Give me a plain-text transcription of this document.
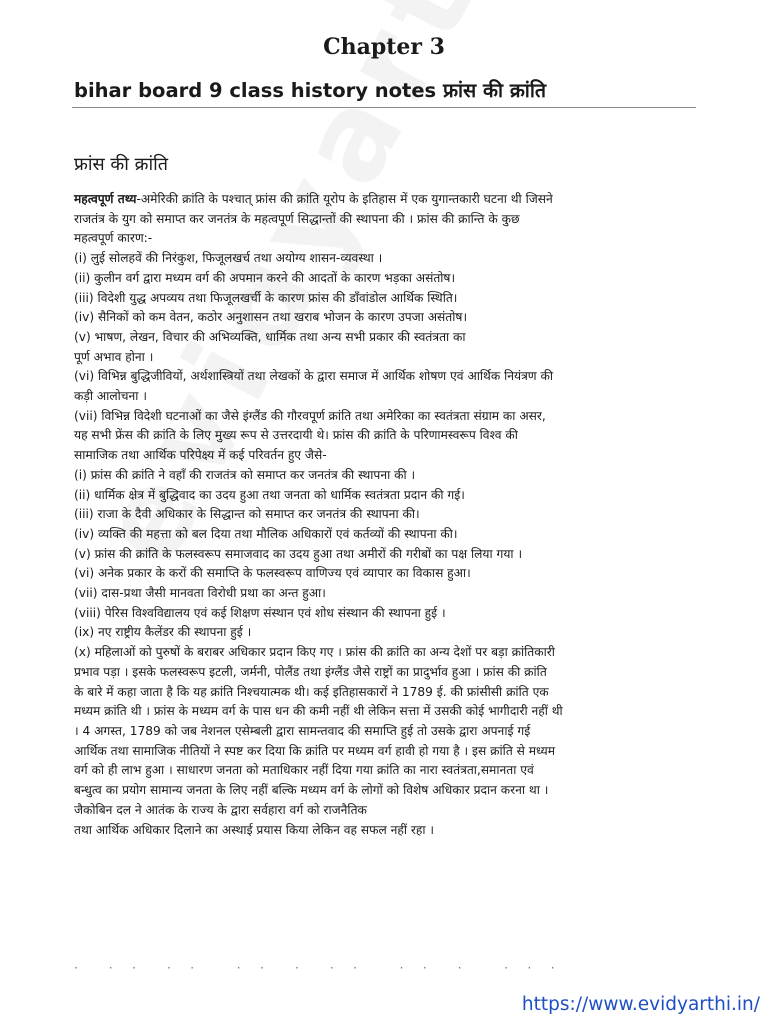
Chapter 3
bihar board 9 class history notes फ्रांस की क्रांति
फ्रांस की क्रांति

महत्वपूर्ण तथ्य-अमेरिकी क्रांति के पश्चात् फ्रांस की क्रांति यूरोप के इतिहास में एक युगान्तकारी घटना थी जिसने

राजतंत्र के युग को समाप्त कर जनतंत्र के महत्वपूर्ण सिद्धान्तों की स्थापना की । फ्रांस की क्रान्ति के कुछ

महत्वपूर्ण कारण:-

(i) लुई सोलहवें की निरंकुश, फिजूलखर्च तथा अयोग्य शासन-व्यवस्था ।

(ii) कुलीन वर्ग द्वारा मध्यम वर्ग की अपमान करने की आदतों के कारण भड़का असंतोष।

(iii) विदेशी युद्ध अपव्यय तथा फिजूलखर्ची के कारण फ्रांस की डाँवांडोल आर्थिक स्थिति।

(iv) सैनिकों को कम वेतन, कठोर अनुशासन तथा खराब भोजन के कारण उपजा असंतोष।

(v) भाषण, लेखन, विचार की अभिव्यक्ति, धार्मिक तथा अन्य सभी प्रकार की स्वतंत्रता का

पूर्ण अभाव होना ।

(vi) विभिन्न बुद्धिजीवियों, अर्थशास्त्रियों तथा लेखकों के द्वारा समाज में आर्थिक शोषण एवं आर्थिक नियंत्रण की

कड़ी आलोचना ।

(vii) विभिन्न विदेशी घटनाओं का जैसे इंग्लैंड की गौरवपूर्ण क्रांति तथा अमेरिका का स्वतंत्रता संग्राम का असर,

यह सभी फ्रेंस की क्रांति के लिए मुख्य रूप से उत्तरदायी थे। फ्रांस की क्रांति के परिणामस्वरूप विश्व की

सामाजिक तथा आर्थिक परिपेक्ष्य में कई परिवर्तन हुए जैसे-

(i) फ्रांस की क्रांति ने वहाँ की राजतंत्र को समाप्त कर जनतंत्र की स्थापना की ।

(ii) धार्मिक क्षेत्र में बुद्धिवाद का उदय हुआ तथा जनता को धार्मिक स्वतंत्रता प्रदान की गई।

(iii) राजा के दैवी अधिकार के सिद्धान्त को समाप्त कर जनतंत्र की स्थापना की।

(iv) व्यक्ति की महत्ता को बल दिया तथा मौलिक अधिकारों एवं कर्तव्यों की स्थापना की।

(v) फ्रांस की क्रांति के फलस्वरूप समाजवाद का उदय हुआ तथा अमीरों की गरीबों का पक्ष लिया गया ।

(vi) अनेक प्रकार के करों की समाप्ति के फलस्वरूप वाणिज्य एवं व्यापार का विकास हुआ।

(vii) दास-प्रथा जैसी मानवता विरोधी प्रथा का अन्त हुआ।

(viii) पेरिस विश्वविद्यालय एवं कई शिक्षण संस्थान एवं शोध संस्थान की स्थापना हुई ।

(ix) नए राष्ट्रीय कैलेंडर की स्थापना हुई ।

(x) महिलाओं को पुरुषों के बराबर अधिकार प्रदान किए गए । फ्रांस की क्रांति का अन्य देशों पर बड़ा क्रांतिकारी

प्रभाव पड़ा । इसके फलस्वरूप इटली, जर्मनी, पोलैंड तथा इंग्लैंड जैसे राष्ट्रों का प्रादुर्भाव हुआ । फ्रांस की क्रांति

के बारे में कहा जाता है कि यह क्रांति निश्चयात्मक थी। कई इतिहासकारों ने 1789 ई. की फ्रांसीसी क्रांति एक

मध्यम क्रांति थी । फ्रांस के मध्यम वर्ग के पास धन की कमी नहीं थी लेकिन सत्ता में उसकी कोई भागीदारी नहीं थी

। 4 अगस्त, 1789 को जब नेशनल एसेम्बली द्वारा सामन्तवाद की समाप्ति हुई तो उसके द्वारा अपनाई गई

आर्थिक तथा सामाजिक नीतियों ने स्पष्ट कर दिया कि क्रांति पर मध्यम वर्ग हावी हो गया है । इस क्रांति से मध्यम

वर्ग को ही लाभ हुआ । साधारण जनता को मताधिकार नहीं दिया गया क्रांति का नारा स्वतंत्रता,समानता एवं

बन्धुत्व का प्रयोग सामान्य जनता के लिए नहीं बल्कि मध्यम वर्ग के लोगों को विशेष अधिकार प्रदान करना था ।

जैकोबिन दल ने आतंक के राज्य के द्वारा सर्वहारा वर्ग को राजनैतिक

तथा आर्थिक अधिकार दिलाने का अस्थाई प्रयास किया लेकिन वह सफल नहीं रहा ।

·     ·   ·     ·   ·       ·   ·     ·     ·   ·       ·   ·     ·       ·   ·   ·
https://www.evidyarthi.in/
